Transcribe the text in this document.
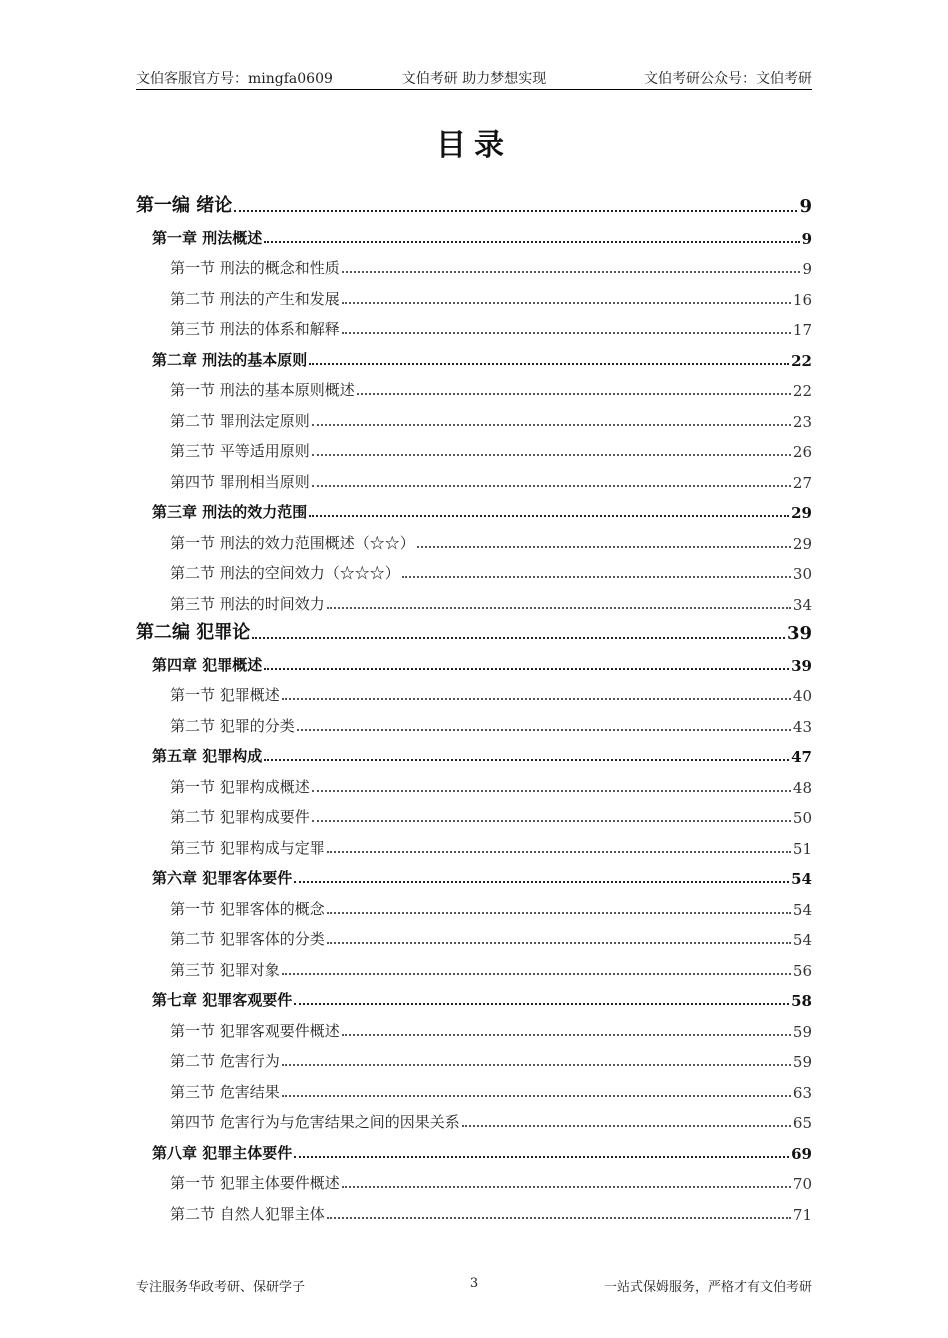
文伯客服官方号：mingfa0609	文伯考研 助力梦想实现	文伯考研公众号：文伯考研
目录
第一编 绪论	9
第一章 刑法概述	9
第一节 刑法的概念和性质	9
第二节 刑法的产生和发展	16
第三节 刑法的体系和解释	17
第二章 刑法的基本原则	22
第一节 刑法的基本原则概述	22
第二节 罪刑法定原则	23
第三节 平等适用原则	26
第四节 罪刑相当原则	27
第三章 刑法的效力范围	29
第一节 刑法的效力范围概述（☆☆）	29
第二节 刑法的空间效力（☆☆☆）	30
第三节 刑法的时间效力	34
第二编 犯罪论	39
第四章 犯罪概述	39
第一节 犯罪概述	40
第二节 犯罪的分类	43
第五章 犯罪构成	47
第一节 犯罪构成概述	48
第二节 犯罪构成要件	50
第三节 犯罪构成与定罪	51
第六章 犯罪客体要件	54
第一节 犯罪客体的概念	54
第二节 犯罪客体的分类	54
第三节 犯罪对象	56
第七章 犯罪客观要件	58
第一节 犯罪客观要件概述	59
第二节 危害行为	59
第三节 危害结果	63
第四节 危害行为与危害结果之间的因果关系	65
第八章 犯罪主体要件	69
第一节 犯罪主体要件概述	70
第二节 自然人犯罪主体	71
专注服务华政考研、保研学子	3	一站式保姆服务，严格才有文伯考研
